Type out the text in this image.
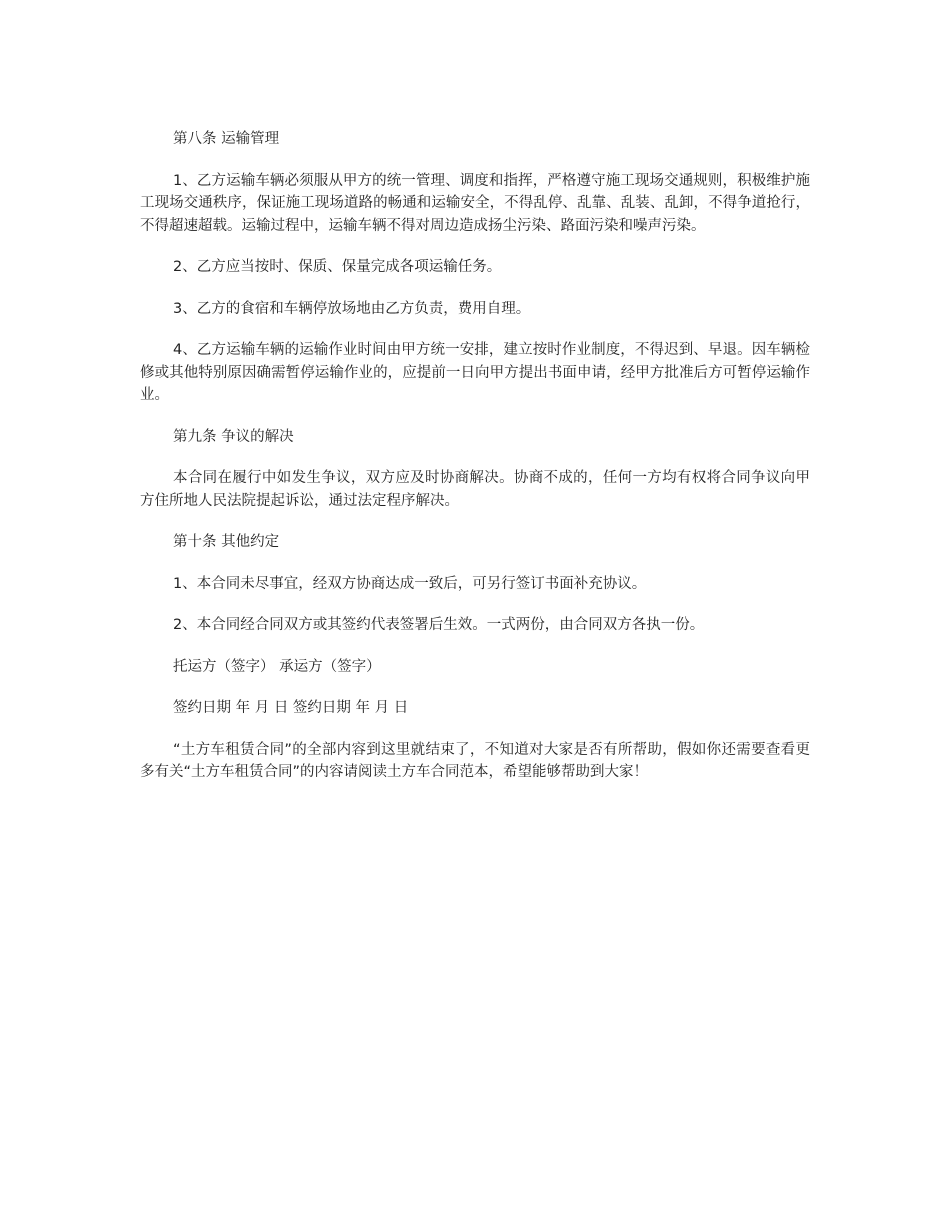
第八条 运输管理

1、乙方运输车辆必须服从甲方的统一管理、调度和指挥，严格遵守施工现场交通规则，积极维护施工现场交通秩序，保证施工现场道路的畅通和运输安全，不得乱停、乱靠、乱装、乱卸，不得争道抢行，不得超速超载。运输过程中，运输车辆不得对周边造成扬尘污染、路面污染和噪声污染。

2、乙方应当按时、保质、保量完成各项运输任务。

3、乙方的食宿和车辆停放场地由乙方负责，费用自理。

4、乙方运输车辆的运输作业时间由甲方统一安排，建立按时作业制度，不得迟到、早退。因车辆检修或其他特别原因确需暂停运输作业的，应提前一日向甲方提出书面申请，经甲方批准后方可暂停运输作业。

第九条 争议的解决

本合同在履行中如发生争议，双方应及时协商解决。协商不成的，任何一方均有权将合同争议向甲方住所地人民法院提起诉讼，通过法定程序解决。

第十条 其他约定

1、本合同未尽事宜，经双方协商达成一致后，可另行签订书面补充协议。

2、本合同经合同双方或其签约代表签署后生效。一式两份，由合同双方各执一份。

托运方（签字） 承运方（签字）

签约日期 年 月 日 签约日期 年 月 日

“土方车租赁合同”的全部内容到这里就结束了，不知道对大家是否有所帮助，假如你还需要查看更多有关“土方车租赁合同”的内容请阅读土方车合同范本，希望能够帮助到大家！
